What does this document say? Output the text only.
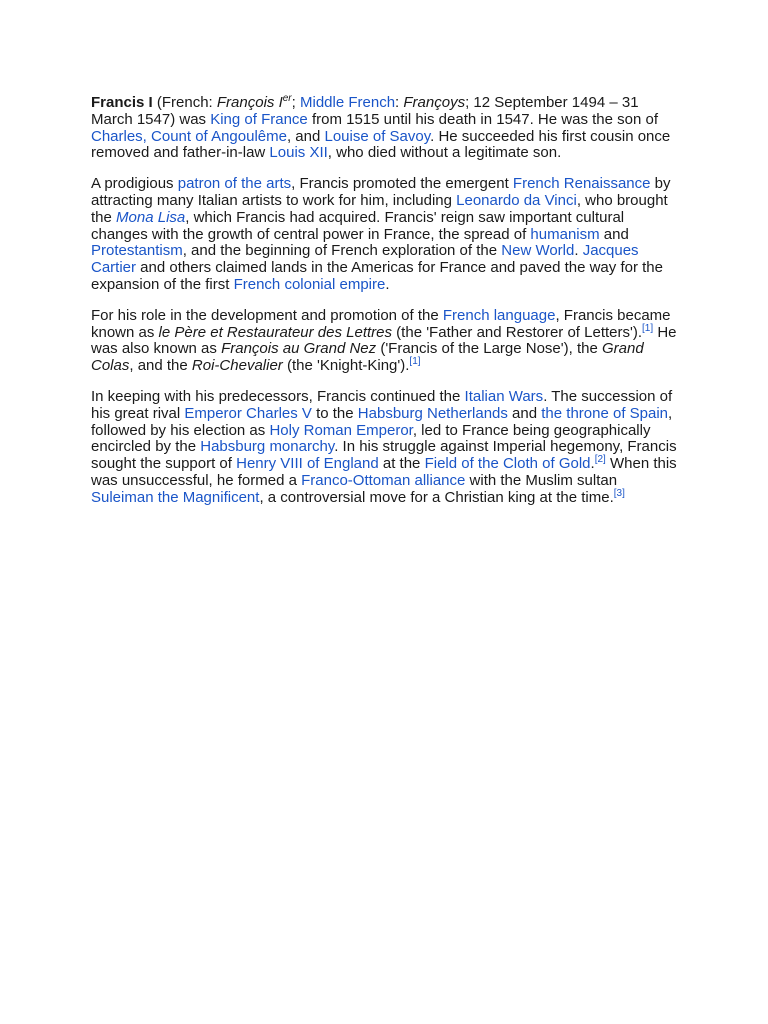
Francis I (French: François Ier; Middle French: Françoys; 12 September 1494 – 31 March 1547) was King of France from 1515 until his death in 1547. He was the son of Charles, Count of Angoulême, and Louise of Savoy. He succeeded his first cousin once removed and father-in-law Louis XII, who died without a legitimate son.

A prodigious patron of the arts, Francis promoted the emergent French Renaissance by attracting many Italian artists to work for him, including Leonardo da Vinci, who brought the Mona Lisa, which Francis had acquired. Francis' reign saw important cultural changes with the growth of central power in France, the spread of humanism and Protestantism, and the beginning of French exploration of the New World. Jacques Cartier and others claimed lands in the Americas for France and paved the way for the expansion of the first French colonial empire.

For his role in the development and promotion of the French language, Francis became known as le Père et Restaurateur des Lettres (the 'Father and Restorer of Letters').[1] He was also known as François au Grand Nez ('Francis of the Large Nose'), the Grand Colas, and the Roi-Chevalier (the 'Knight-King').[1]

In keeping with his predecessors, Francis continued the Italian Wars. The succession of his great rival Emperor Charles V to the Habsburg Netherlands and the throne of Spain, followed by his election as Holy Roman Emperor, led to France being geographically encircled by the Habsburg monarchy. In his struggle against Imperial hegemony, Francis sought the support of Henry VIII of England at the Field of the Cloth of Gold.[2] When this was unsuccessful, he formed a Franco-Ottoman alliance with the Muslim sultan Suleiman the Magnificent, a controversial move for a Christian king at the time.[3]
